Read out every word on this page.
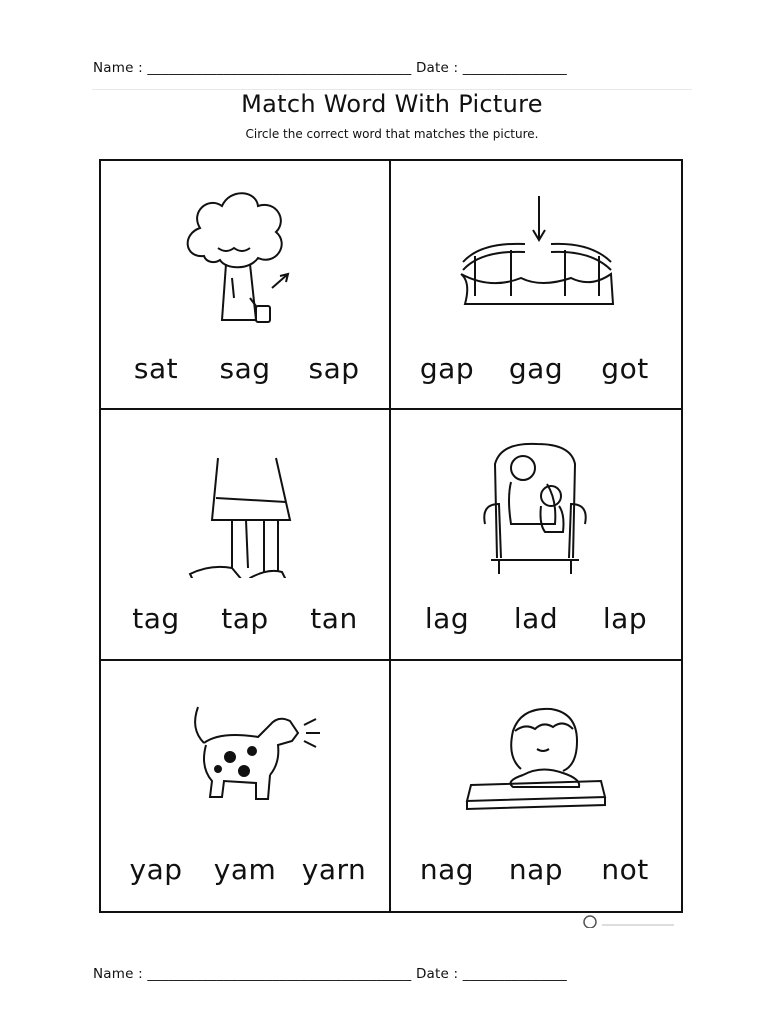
Name : ______________________________________ Date : _______________
Match Word With Picture
Circle the correct word that matches the picture.
sat sag sap gap gag got
tag tap tan lag lad lap
yap yam yarn nag nap not
Name : ______________________________________ Date : _______________
